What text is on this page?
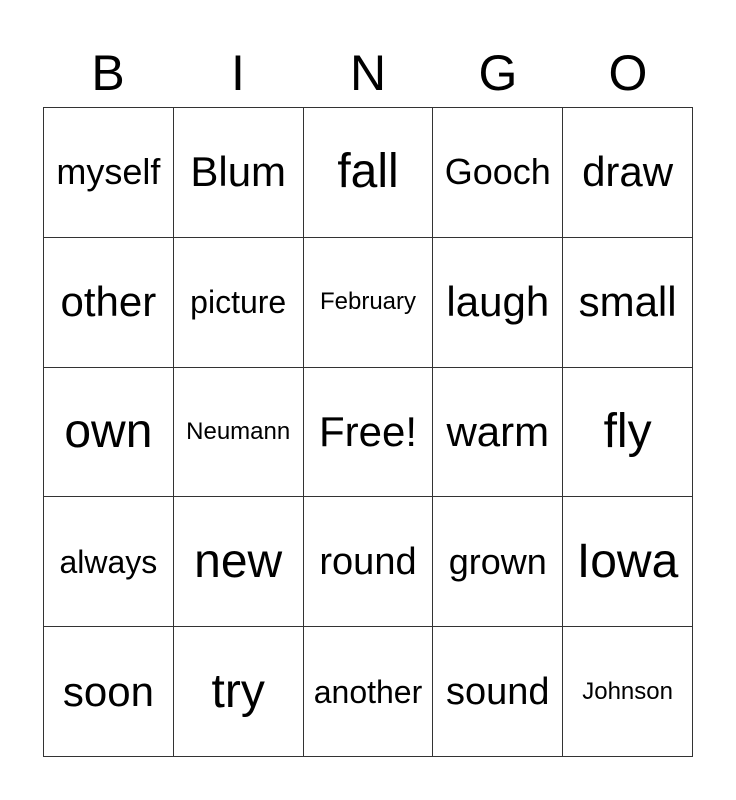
B	I	N	G	O
myself Blum fall Gooch draw
other picture February laugh small
own Neumann Free! warm fly
always new round grown Iowa
soon try another sound Johnson
